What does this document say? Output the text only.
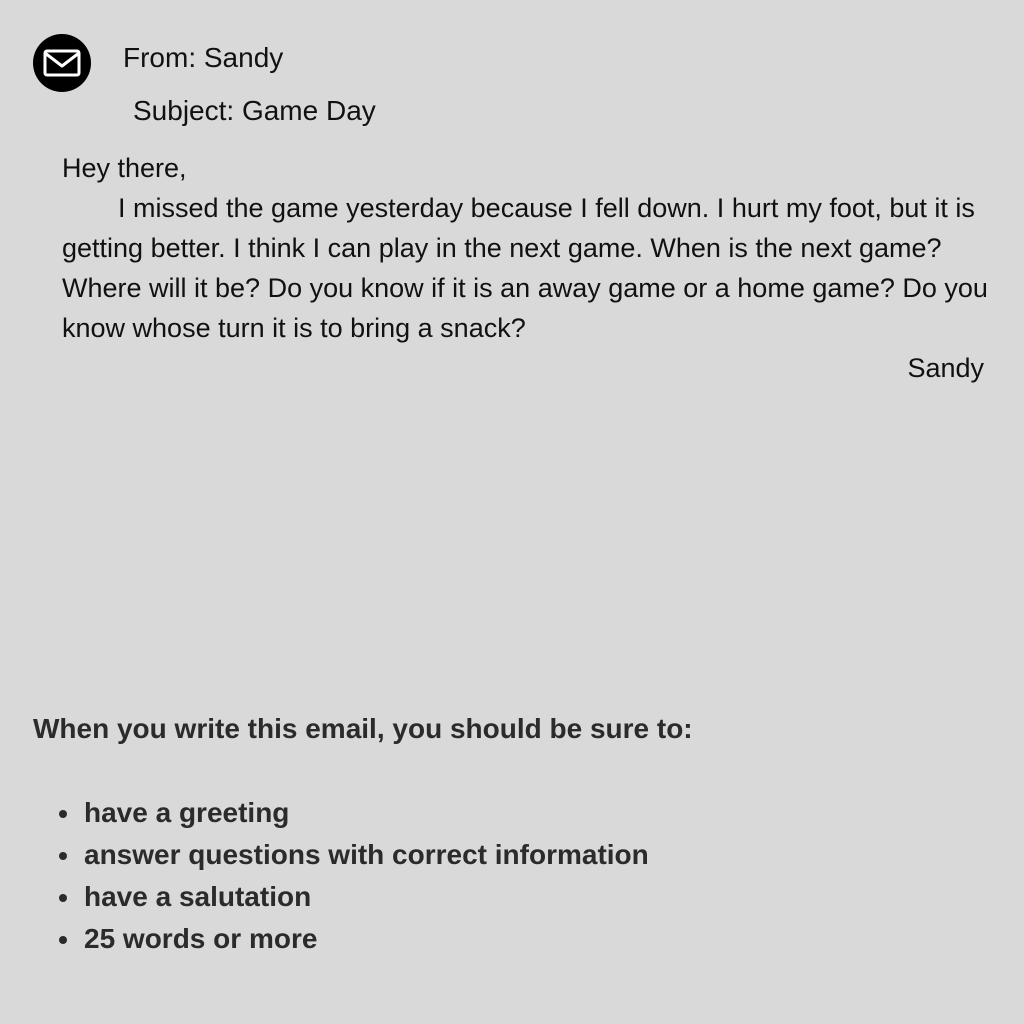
From: Sandy
Subject: Game Day

Hey there,

I missed the game yesterday because I fell down. I hurt my foot, but it is getting better. I think I can play in the next game. When is the next game? Where will it be? Do you know if it is an away game or a home game? Do you know whose turn it is to bring a snack?

Sandy

When you write this email, you should be sure to:

have a greeting
answer questions with correct information
have a salutation
25 words or more
